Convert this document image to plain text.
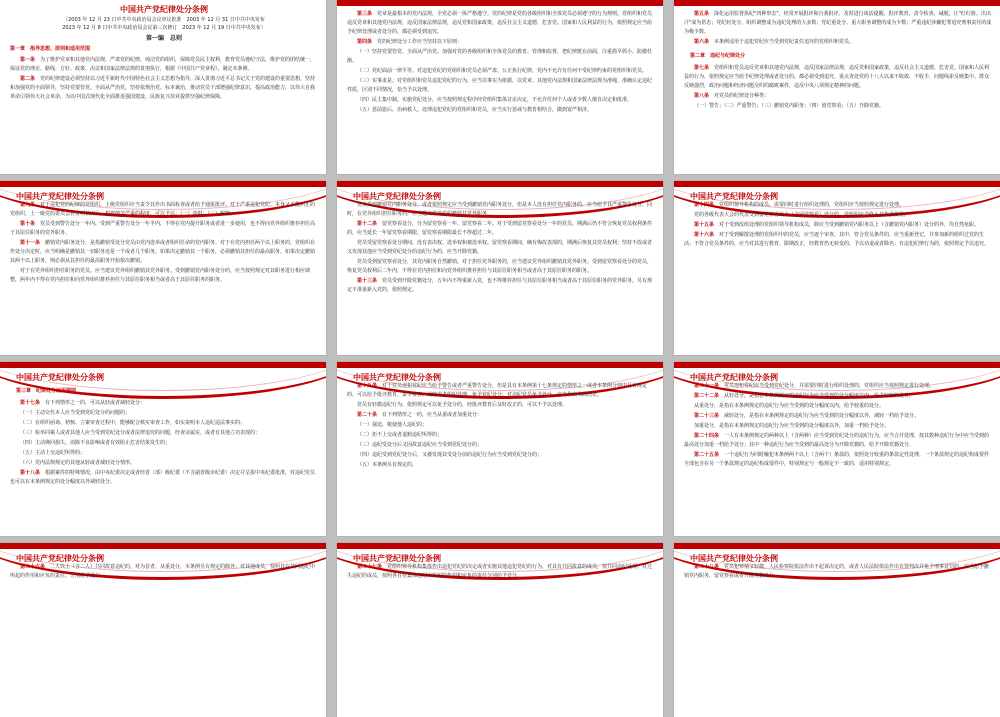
中国共产党纪律处分条例

（2003 年 12 月 23 日中共中央政治局会议审议批准　2003 年 12 月 31 日中共中央发布

2023 年 12 月 8 日中共中央政治局会议第三次修订　2023 年 12 月 19 日中共中央发布）

第一编　总则

第一章　指导思想、原则和适用范围

第一条　为了维护党章和其他党内法规，严肃党的纪律，纯洁党的组织，保障党员民主权利，教育党员遵纪守法，维护党的团结统一，保证党的理论、路线、方针、政策、决议和国家法律法规的贯彻执行，根据《中国共产党章程》，制定本条例。

第二条　党的纪律建设必须坚持以习近平新时代中国特色社会主义思想为指导，深入贯彻习近平总书记关于党的建设的重要思想，坚持和加强党的全面领导，坚持党要管党、全面从严治党，坚持依规治党、标本兼治，推动党员干部增强纪律意识，提高政治能力，以伟大自我革命引领伟大社会革命，为以中国式现代化全面推进强国建设、民族复兴伟业提供坚强纪律保障。

第三条　党章是最根本的党内法规，全党必须一体严格遵守。党的纪律是党的各级组织和全体党员必须遵守的行为规则。党组织和党员违反党章和其他党内法规，违反国家法律法规，违反党和国家政策，违反社会主义道德，危害党、国家和人民利益的行为，依照规定应当给予纪律处理或者处分的，都必须受到追究。

第四条　党的纪律处分工作应当坚持以下原则：

（一）坚持党要管党、全面从严治党。加强对党的各级组织和全体党员的教育、管理和监督，把纪律挺在前面，注重抓早抓小、防微杜渐。

（二）党纪面前一律平等。对违犯党纪的党组织和党员必须严肃、公正执行纪律，党内不允许有任何不受纪律约束的党组织和党员。

（三）实事求是。对党组织和党员违犯党纪的行为，应当以事实为依据，以党章、其他党内法规和国家法律法规为准绳，准确认定违纪性质，区别不同情况，恰当予以处理。

（四）民主集中制。实施党纪处分，应当按照规定程序经党组织集体讨论决定，不允许任何个人或者少数人擅自决定和批准。

（五）惩前毖后、治病救人。处理违犯党纪的党组织和党员，应当实行惩戒与教育相结合，做到宽严相济。

第五条　深化运用监督执纪"四种形态"，经常开展批评和自我批评、及时进行谈话提醒、批评教育、责令检查、诫勉，让"红红脸、出出汗"成为常态；党纪轻处分、组织调整成为违纪处理的大多数；党纪重处分、重大职务调整的成为少数；严重违纪涉嫌犯罪追究刑事责任的成为极少数。

第六条　本条例适用于违犯党纪应当受到党纪责任追究的党组织和党员。

第二章　违纪与纪律处分

第七条　党组织和党员违反党章和其他党内法规，违反国家法律法规，违反党和国家政策，违反社会主义道德，危害党、国家和人民利益的行为，依照规定应当给予纪律处理或者处分的，都必须受到追究。重点查处党的十八大以来不收敛、不收手，问题线索反映集中、群众反映强烈，政治问题和经济问题交织的腐败案件，违反中央八项规定精神的问题。

第八条　对党员的纪律处分种类：

（一）警告；（二）严重警告；（三）撤销党内职务；（四）留党察看；（五）开除党籍。

中国共产党纪律处分条例

第九条　对于违犯党的纪律的党组织，上级党组织应当责令其作出书面检查或者给予通报批评。对于严重违犯党纪、本身又不能纠正的党组织，上一级党的委员会在查明核实后，根据情节严重的程度，可以予以：（一）改组；（二）解散。

第十条　党员受到警告处分一年内、受到严重警告处分一年半内，不得在党内提升职务或者进一步使用，也不得向党外组织推荐担任高于其原任职务的党外职务。

第十一条　撤销党内职务处分，是指撤销受处分党员由党内选举或者组织任命的党内职务。对于在党内担任两个以上职务的，党组织在作处分决定时，应当明确是撤销其一切职务还是一个或者几个职务。如果决定撤销其一个职务，必须撤销其担任的最高职务。如果决定撤销其两个以上职务，则必须从其担任的最高职务开始依次撤销。

对于在党外组织担任职务的党员，应当建议党外组织撤销其党外职务。受到撤销党内职务处分的，应当按照规定对其职务进行相应调整，两年内不得在党内担任和向党外组织推荐担任与其原任职务相当或者高于其原任职务的职务。

中国共产党纪律处分条例

党员受到撤销党内职务处分，或者依照规定应当受到撤销党内职务处分，但是本人没有担任党内职务的，应当给予其严重警告处分。同时，在党外组织担任职务的，应当建议党外组织撤销其党外职务。

第十二条　留党察看处分，分为留党察看一年、留党察看二年。对于受到留党察看处分一年的党员，期满后仍不符合恢复党员权利条件的，应当延长一年留党察看期限。留党察看期限最长不得超过二年。

党员受留党察看处分期间，没有表决权、选举权和被选举权。留党察看期间，确有悔改表现的，期满后恢复其党员权利；坚持不改或者又发现其他应当受到党纪处分的违纪行为的，应当开除党籍。

党员受到留党察看处分，其党内职务自然撤销。对于担任党外职务的，应当建议党外组织撤销其党外职务。受到留党察看处分的党员，恢复党员权利后二年内，不得在党内担任和向党外组织推荐担任与其原任职务相当或者高于其原任职务的职务。

第十三条　党员受到开除党籍处分，五年内不得重新入党，也不得推荐担任与其原任职务相当或者高于其原任职务的党外职务。另有规定不准重新入党的，依照规定。

中国共产党纪律处分条例

第十四条　党组织领导机构的成员，需要同时进行组织处理的，党组织应当按照规定进行处理。

党的各级代表大会的代表受到留党察看以上（含留党察看）处分的，党组织应当终止其代表资格。

第十五条　对于受到改组处理的党组织领导机构成员，除应当受到撤销党内职务以上（含撤销党内职务）处分的外，均自然免职。

第十六条　对于受到解散处理的党组织中的党员，应当逐个审查。其中，符合党员条件的，应当重新登记，并参加新的组织过党的生活；不符合党员条件的，应当对其进行教育、限期改正，经教育仍无转变的，予以劝退或者除名；有违犯纪律行为的，依照规定予以追究。

中国共产党纪律处分条例

第三章　纪律处分运用规则

第十七条　有下列情形之一的，可以从轻或者减轻处分：

（一）主动交代本人应当受到党纪处分的问题的；

（二）在组织函询、初核、立案审查过程中，能够配合核实审查工作，如实说明本人违纪违法事实的；

（三）检举同案人或者其他人应当受到党纪处分或者法律追究的问题，经查证属实，或者有其他立功表现的；

（四）主动挽回损失、消除不良影响或者有效阻止危害结果发生的；

（五）主动上交违纪所得的；

（六）党内法规规定的其他从轻或者减轻处分情形。

第十八条　根据案件的特殊情况，由中央纪委决定或者经省（部）级纪委（不含副省级市纪委）决定并呈报中央纪委批准，对违纪党员也可以在本条例规定的处分幅度以外减轻处分。

中国共产党纪律处分条例

第十九条　对于党员违犯党纪应当给予警告或者严重警告处分，但是具有本条例第十七条规定的情形之一或者本条例分则中另有规定的，可以给予批评教育、责令检查、诫勉或者组织处理，免予党纪处分。对违纪党员免予处分，应当作出书面结论。

党员有轻微违纪行为，依照规定可以免予处分的，经批评教育后及时改正的，可以不予以处理。

第二十条　有下列情形之一的，应当从重或者加重处分：

（一）强迫、唆使他人违纪的；

（二）拒不上交或者退赔违纪所得的；

（三）违纪受处分后又因故意违纪应当受到党纪处分的；

（四）违纪受到党纪处分后，又被发现其受处分前的违纪行为应当受到党纪处分的；

（五）本条例另有规定的。

中国共产党纪律处分条例

第二十一条　党员违犯党纪应当受到党纪处分，并需要同时进行组织处理的，党组织应当按照规定进行处理。

第二十二条　从轻处分，是指在本条例规定的违纪行为应当受到的处分幅度以内，给予较轻的处分。

从重处分，是指在本条例规定的违纪行为应当受到的处分幅度以内，给予较重的处分。

第二十三条　减轻处分，是指在本条例规定的违纪行为应当受到的处分幅度以外，减轻一档给予处分。

加重处分，是指在本条例规定的违纪行为应当受到的处分幅度以外，加重一档给予处分。

第二十四条　一人有本条例规定的两种以上（含两种）应当受到党纪处分的违纪行为，应当合并处理，按其数种违纪行为中应当受到的最高处分加重一档给予处分；其中一种违纪行为应当受到的最高处分为开除党籍的，给予开除党籍处分。

第二十五条　一个违纪行为同时触犯本条例两个以上（含两个）条款的，依照处分较重的条款定性处理。一个条款规定的违纪构成要件全部包含在另一个条款规定的违纪构成要件中，特别规定与一般规定不一致的，适用特别规定。

中国共产党纪律处分条例

第二十六条　二人以上（含二人）共同故意违纪的，对为首者，从重处分，本条例另有规定的除外；对其他成员，按照其在共同违纪中所起的作用和应负的责任，分别给予处分。

中国共产党纪律处分条例

第二十七条　党组织领导机构集体作出违犯党纪的决定或者实施其他违犯党纪的行为，对具有共同故意的成员，按共同违纪处理；对过失违纪的成员，按照各自在集体违纪中所起的作用和应负的责任分别给予处分。

中国共产党纪律处分条例

第二十八条　党员犯罪情节轻微，人民检察院依法作出不起诉决定的，或者人民法院依法作出有罪判决并免予刑事处罚的，应当给予撤销党内职务、留党察看或者开除党籍处分。
